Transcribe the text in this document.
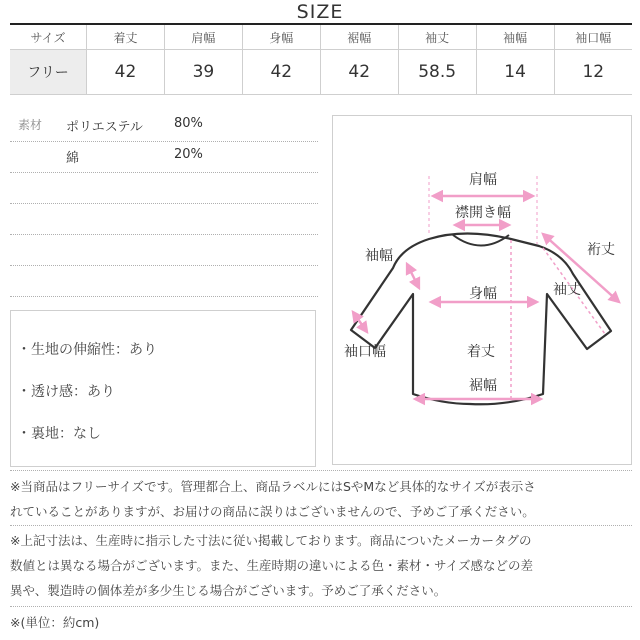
SIZE
サイズ	着丈	肩幅	身幅	裾幅	袖丈	袖幅	袖口幅
フリー	42	39	42	42	58.5	14	12
素材 ポリエステル 80%
綿	20%
・生地の伸縮性：あり
・透け感：あり
・裏地：なし
肩幅
襟開き幅
裄丈
袖幅
袖丈
身幅
袖口幅	着丈
裾幅
※当商品はフリーサイズです。管理都合上、商品ラベルにはSやMなど具体的なサイズが表示さ
れていることがありますが、お届けの商品に誤りはございませんので、予めご了承ください。
※上記寸法は、生産時に指示した寸法に従い掲載しております。商品についたメーカータグの
数値とは異なる場合がございます。また、生産時期の違いによる色・素材・サイズ感などの差
異や、製造時の個体差が多少生じる場合がございます。予めご了承ください。
※(単位：約cm)
